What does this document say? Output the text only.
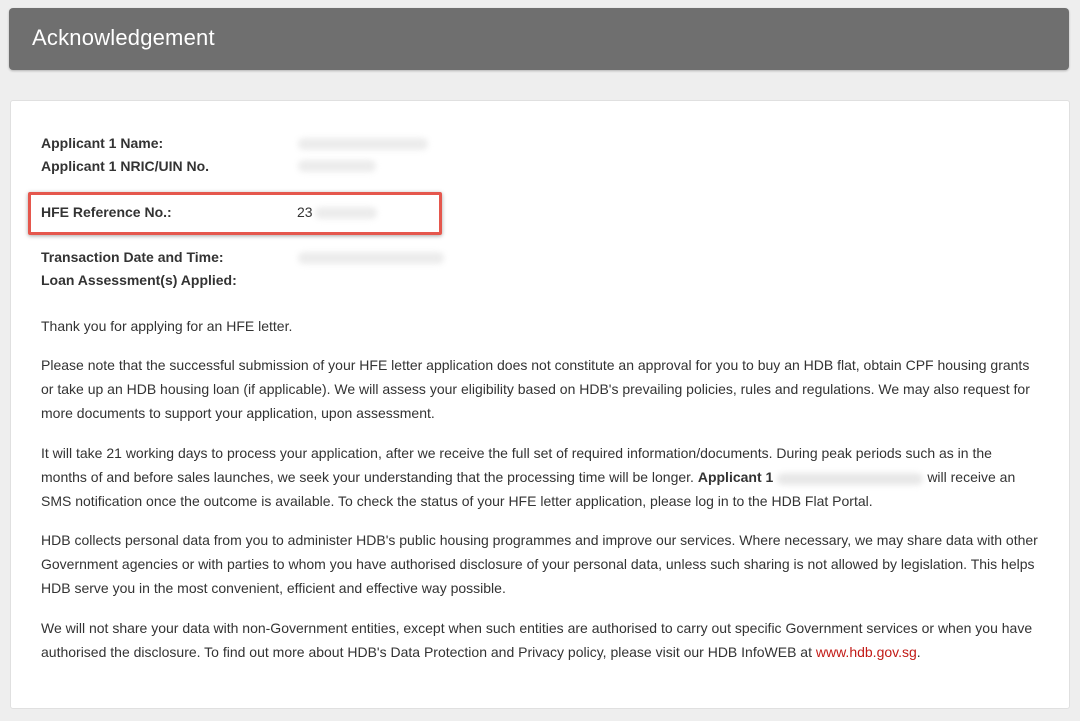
Acknowledgement
Applicant 1 Name:
Applicant 1 NRIC/UIN No.
HFE Reference No.:	23
Transaction Date and Time:
Loan Assessment(s) Applied:

Thank you for applying for an HFE letter.

Please note that the successful submission of your HFE letter application does not constitute an approval for you to buy an HDB flat, obtain CPF housing grants or take up an HDB housing loan (if applicable). We will assess your eligibility based on HDB's prevailing policies, rules and regulations. We may also request for more documents to support your application, upon assessment.

It will take 21 working days to process your application, after we receive the full set of required information/documents. During peak periods such as in the months of and before sales launches, we seek your understanding that the processing time will be longer. Applicant 1	will receive an SMS notification once the outcome is available. To check the status of your HFE letter application, please log in to the HDB Flat Portal.

HDB collects personal data from you to administer HDB's public housing programmes and improve our services. Where necessary, we may share data with other Government agencies or with parties to whom you have authorised disclosure of your personal data, unless such sharing is not allowed by legislation. This helps HDB serve you in the most convenient, efficient and effective way possible.

We will not share your data with non-Government entities, except when such entities are authorised to carry out specific Government services or when you have authorised the disclosure. To find out more about HDB's Data Protection and Privacy policy, please visit our HDB InfoWEB at www.hdb.gov.sg.
